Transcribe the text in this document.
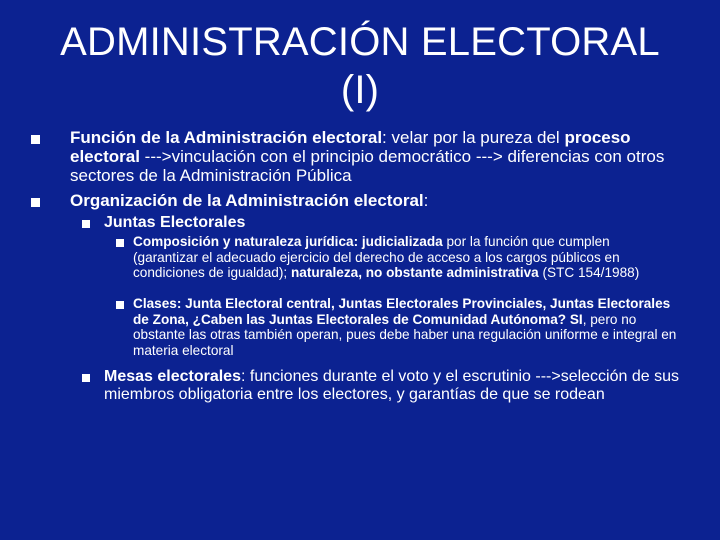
ADMINISTRACIÓN ELECTORAL (I)
Función de la Administración electoral: velar por la pureza del proceso electoral --->vinculación con el principio democrático ---> diferencias con otros sectores de la Administración Pública
Organización de la Administración electoral:
Juntas Electorales
Composición y naturaleza jurídica: judicializada por la función que cumplen (garantizar el adecuado ejercicio del derecho de acceso a los cargos públicos en condiciones de igualdad); naturaleza, no obstante administrativa (STC 154/1988)
Clases: Junta Electoral central, Juntas Electorales Provinciales, Juntas Electorales de Zona, ¿Caben las Juntas Electorales de Comunidad Autónoma? SI, pero no obstante las otras también operan, pues debe haber una regulación uniforme e integral en materia electoral
Mesas electorales: funciones durante el voto y el escrutinio --->selección de sus miembros obligatoria entre los electores, y garantías de que se rodean
